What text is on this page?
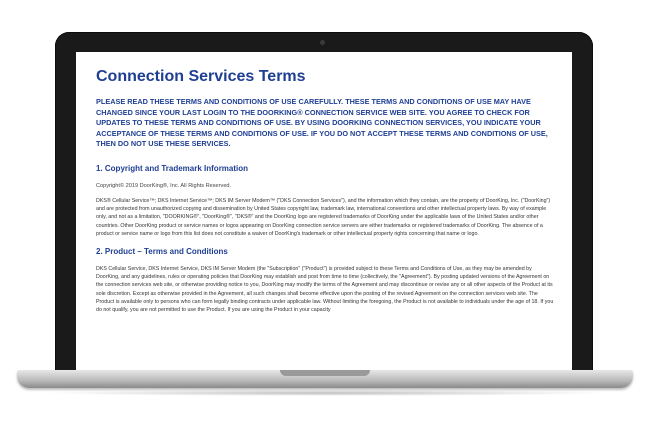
Connection Services Terms

PLEASE READ THESE TERMS AND CONDITIONS OF USE CAREFULLY. THESE TERMS AND CONDITIONS OF USE MAY HAVE CHANGED SINCE YOUR LAST LOGIN TO THE DOORKING® CONNECTION SERVICE WEB SITE. YOU AGREE TO CHECK FOR UPDATES TO THESE TERMS AND CONDITIONS OF USE. BY USING DOORKING CONNECTION SERVICES, YOU INDICATE YOUR ACCEPTANCE OF THESE TERMS AND CONDITIONS OF USE. IF YOU DO NOT ACCEPT THESE TERMS AND CONDITIONS OF USE, THEN DO NOT USE THESE SERVICES.

1. Copyright and Trademark Information

Copyright© 2019 DoorKing®, Inc. All Rights Reserved.

DKS® Cellular Service™; DKS Internet Service™; DKS IM Server Modem™ ("DKS Connection Services"), and the information which they contain, are the property of DoorKing, Inc. ("DoorKing") and are protected from unauthorized copying and dissemination by United States copyright law, trademark law, international conventions and other intellectual property laws. By way of example only, and not as a limitation, "DOORKING®", "DoorKing®", "DKS®" and the DoorKing logo are registered trademarks of DoorKing under the applicable laws of the United States and/or other countries. Other DoorKing product or service names or logos appearing on DoorKing connection service servers are either trademarks or registered trademarks of DoorKing. The absence of a product or service name or logo from this list does not constitute a waiver of DoorKing's trademark or other intellectual property rights concerning that name or logo.

2. Product – Terms and Conditions

DKS Cellular Service, DKS Internet Service, DKS IM Server Modem (the "Subscription" ("Product") is provided subject to these Terms and Conditions of Use, as they may be amended by DoorKing, and any guidelines, rules or operating policies that DoorKing may establish and post from time to time (collectively, the "Agreement"). By posting updated versions of the Agreement on the connection services web site, or otherwise providing notice to you, DoorKing may modify the terms of the Agreement and may discontinue or revise any or all other aspects of the Product at its sole discretion. Except as otherwise provided in the Agreement, all such changes shall become effective upon the posting of the revised Agreement on the connection services web site. The Product is available only to persons who can form legally binding contracts under applicable law. Without limiting the foregoing, the Product is not available to individuals under the age of 18. If you do not qualify, you are not permitted to use the Product. If you are using the Product in your capacity
